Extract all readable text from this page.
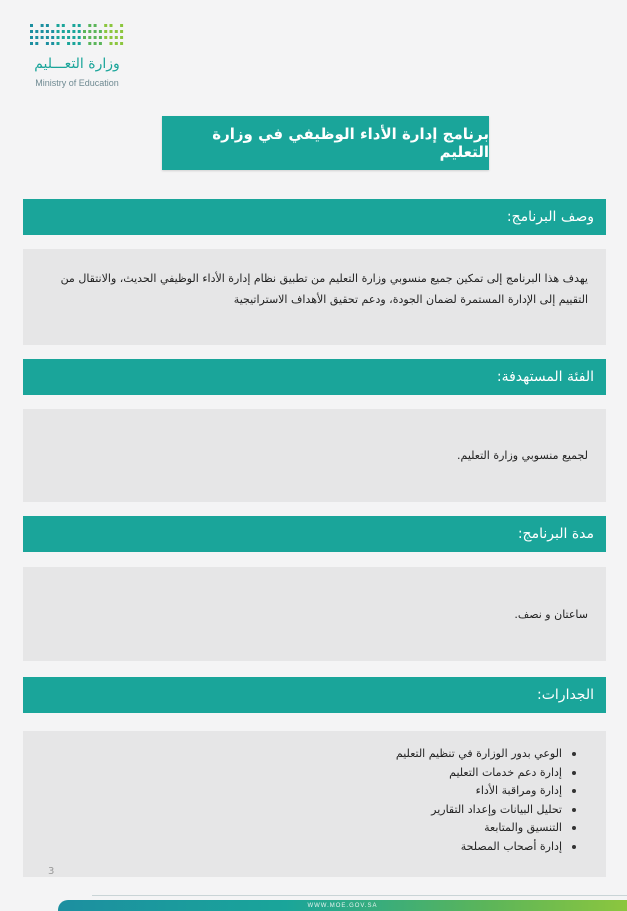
وزارة التعـــليم
Ministry of Education
برنامج إدارة الأداء الوظيفي في وزارة التعليم
وصف البرنامج:
يهدف هذا البرنامج إلى تمكين جميع منسوبي وزارة التعليم من تطبيق نظام إدارة الأداء الوظيفي الحديث، والانتقال من التقييم إلى الإدارة المستمرة لضمان الجودة، ودعم تحقيق الأهداف الاستراتيجية
الفئة المستهدفة:
لجميع منسوبي وزارة التعليم.
مدة البرنامج:
ساعتان و نصف.
الجدارات:
الوعي بدور الوزارة في تنظيم التعليم
إدارة دعم خدمات التعليم
إدارة ومراقبة الأداء
تحليل البيانات وإعداد التقارير
التنسيق والمتابعة
إدارة أصحاب المصلحة
3
WWW.MOE.GOV.SA
